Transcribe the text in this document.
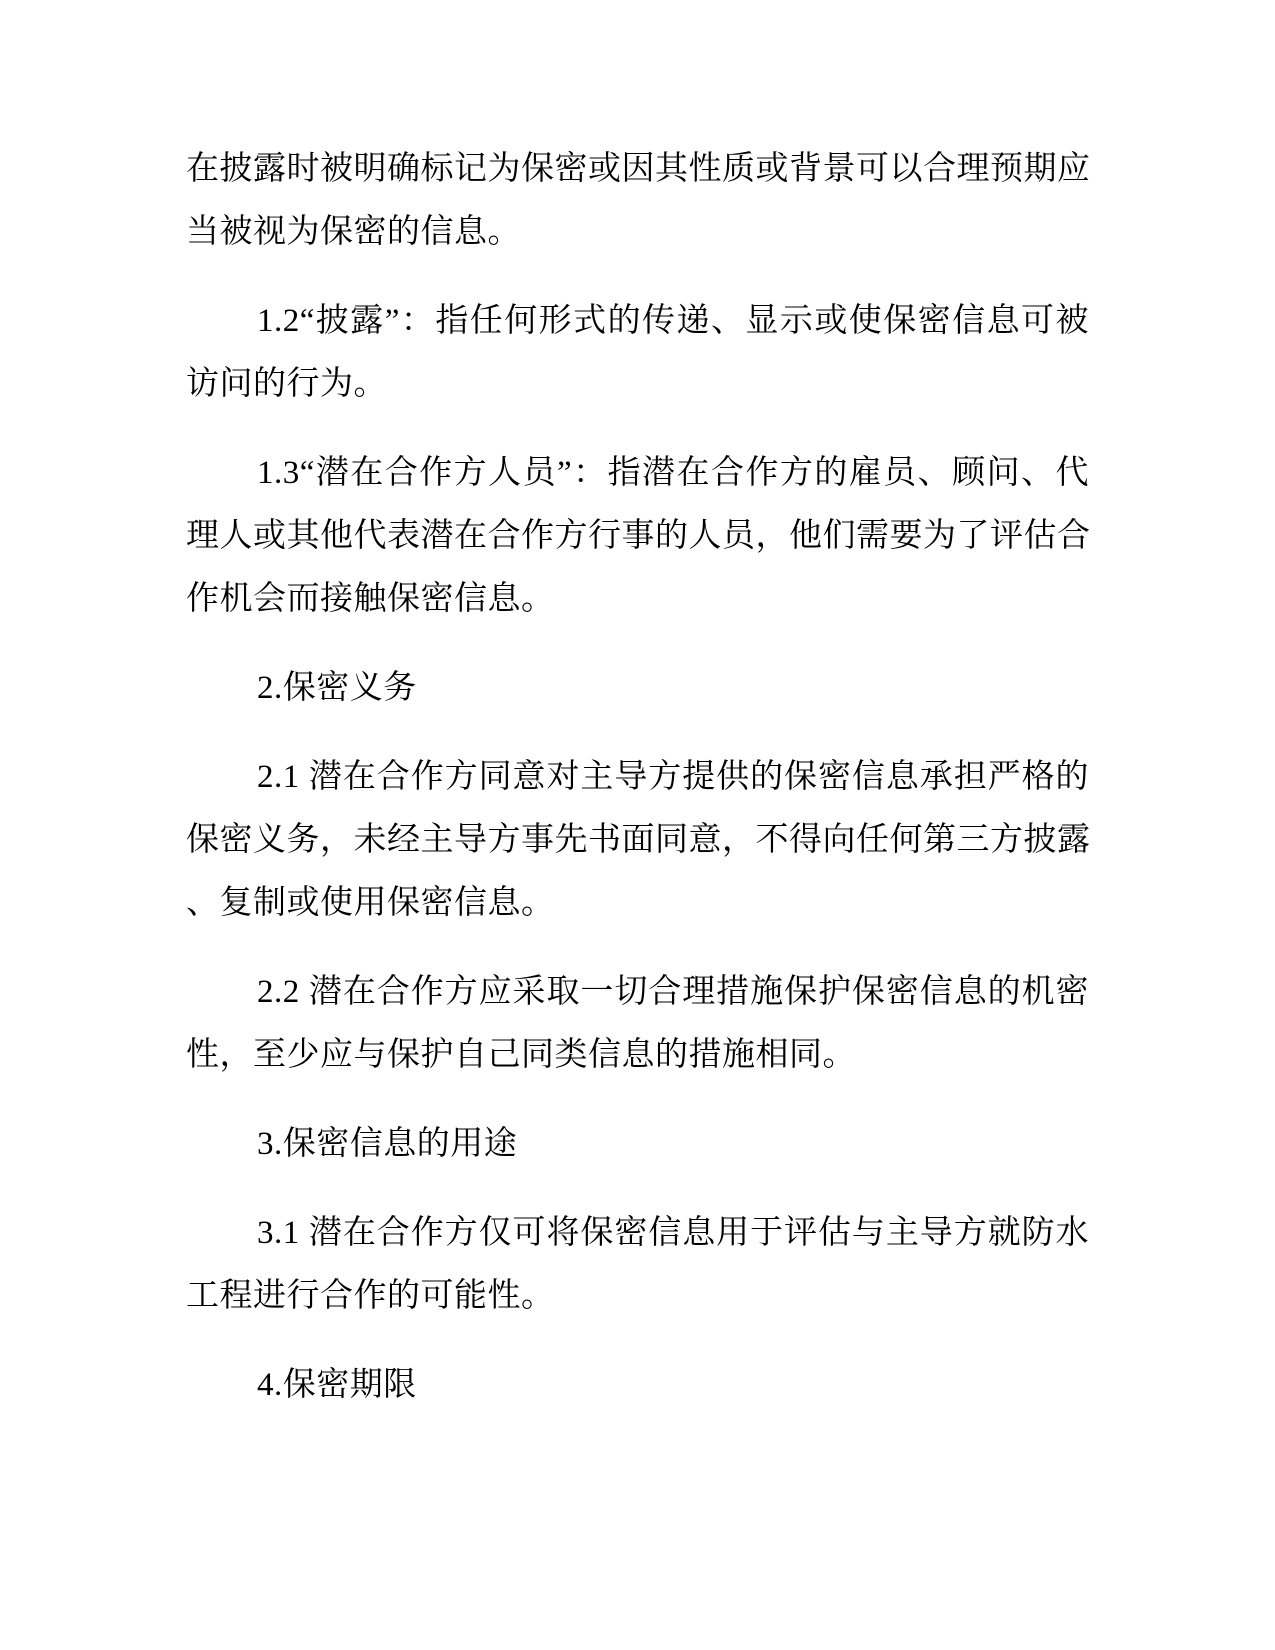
在披露时被明确标记为保密或因其性质或背景可以合理预期应
当被视为保密的信息。

1.2“披露”：指任何形式的传递、显示或使保密信息可被
访问的行为。

1.3“潜在合作方人员”：指潜在合作方的雇员、顾问、代
理人或其他代表潜在合作方行事的人员，他们需要为了评估合
作机会而接触保密信息。

2.保密义务

2.1 潜在合作方同意对主导方提供的保密信息承担严格的
保密义务，未经主导方事先书面同意，不得向任何第三方披露
、复制或使用保密信息。

2.2 潜在合作方应采取一切合理措施保护保密信息的机密
性，至少应与保护自己同类信息的措施相同。

3.保密信息的用途

3.1 潜在合作方仅可将保密信息用于评估与主导方就防水
工程进行合作的可能性。

4.保密期限
